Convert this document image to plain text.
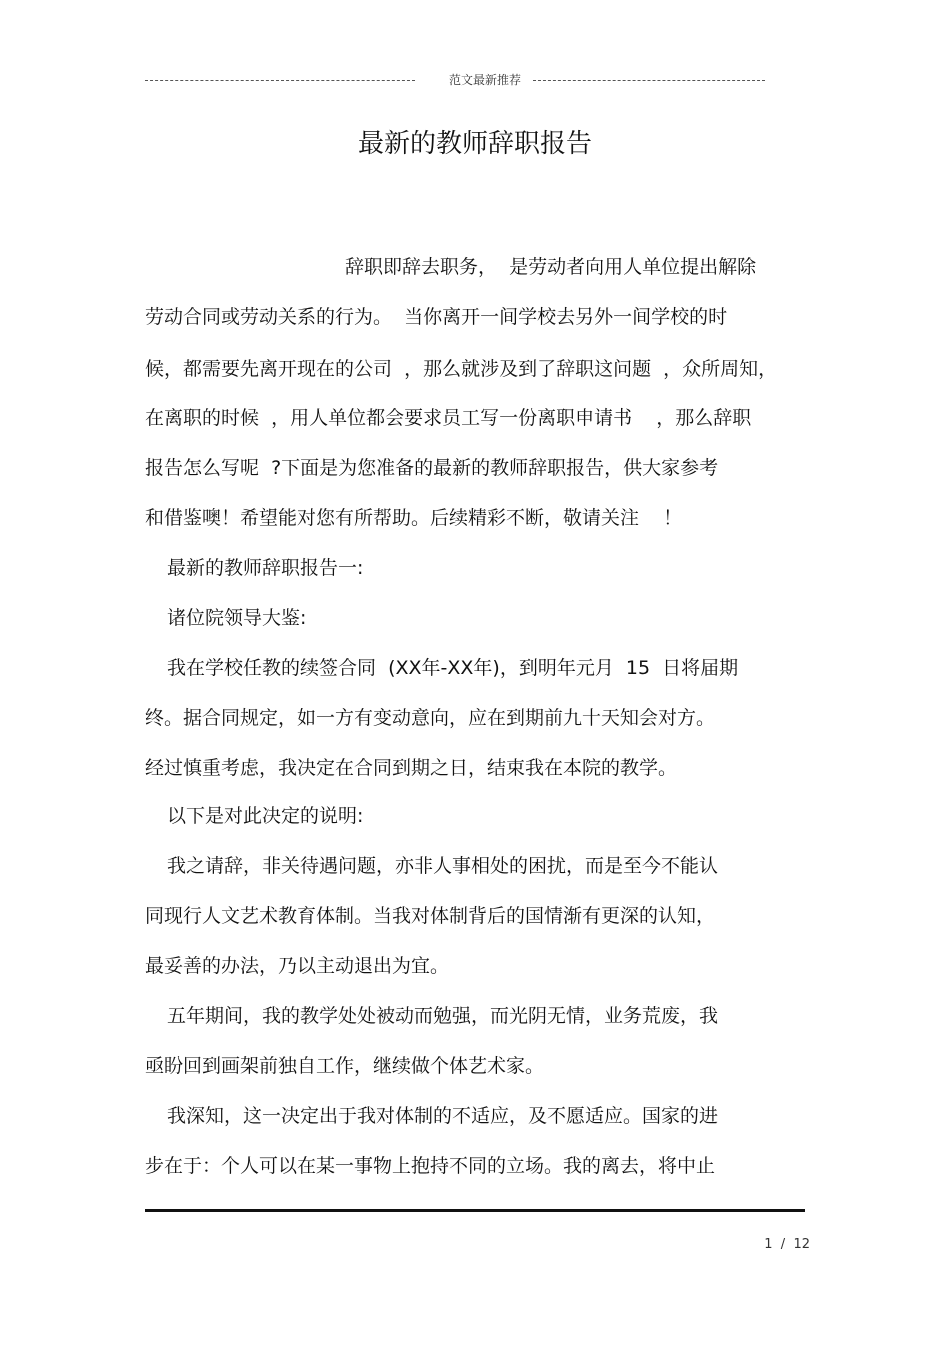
范文最新推荐
最新的教师辞职报告
辞职即辞去职务，  是劳动者向用人单位提出解除
劳动合同或劳动关系的行为。  当你离开一间学校去另外一间学校的时
候，都需要先离开现在的公司  ，那么就涉及到了辞职这问题  ，众所周知，
在离职的时候  ，用人单位都会要求员工写一份离职申请书    ，那么辞职
报告怎么写呢  ?下面是为您准备的最新的教师辞职报告，供大家参考
和借鉴噢！希望能对您有所帮助。后续精彩不断，敬请关注    ！
最新的教师辞职报告一:
诸位院领导大鉴:
我在学校任教的续签合同  (XX年-XX年)，到明年元月  15  日将届期
终。据合同规定，如一方有变动意向，应在到期前九十天知会对方。
经过慎重考虑，我决定在合同到期之日，结束我在本院的教学。
以下是对此决定的说明:
我之请辞，非关待遇问题，亦非人事相处的困扰，而是至今不能认
同现行人文艺术教育体制。当我对体制背后的国情渐有更深的认知，
最妥善的办法，乃以主动退出为宜。
五年期间，我的教学处处被动而勉强，而光阴无情，业务荒废，我
亟盼回到画架前独自工作，继续做个体艺术家。
我深知，这一决定出于我对体制的不适应，及不愿适应。国家的进
步在于：个人可以在某一事物上抱持不同的立场。我的离去，将中止
1  /  12
